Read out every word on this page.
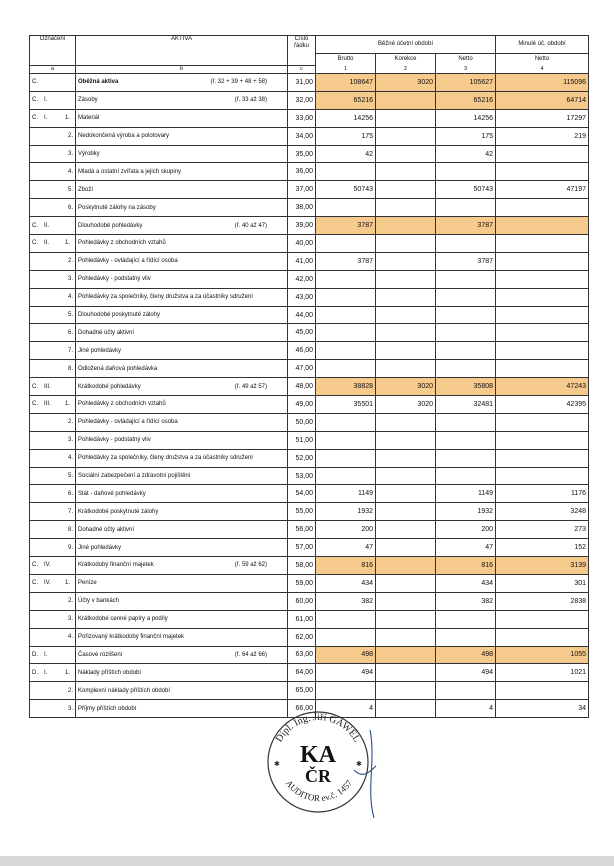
Označení	AKTIVA	Číslo řádku	Běžné účetní období			Minulé úč. období
			Brutto	Korekce	Netto	Netto
a	b	c	1	2	3	4
C.	Oběžná aktiva (ř. 32 + 39 + 48 + 58)	31,00	108647	3020	105627	115096
C. I.	Zásoby (ř. 33 až 38)	32,00	65216		65216	64714
C. I. 1.	Materiál	33,00	14256		14256	17297
2.	Nedokončená výroba a polotovary	34,00	175		175	219
3.	Výrobky	35,00	42		42	
4.	Mladá a ostatní zvířata a jejich skupiny	36,00				
5.	Zboží	37,00	50743		50743	47197
6.	Poskytnuté zálohy na zásoby	38,00				
C. II.	Dlouhodobé pohledávky (ř. 40 až 47)	39,00	3787		3787	
C. II. 1.	Pohledávky z obchodních vztahů	40,00				
2.	Pohledávky - ovládající a řídící osoba	41,00	3787		3787	
3.	Pohledávky - podstatný vliv	42,00				
4.	Pohledávky za společníky, členy družstva a za účastníky sdružení	43,00				
5.	Dlouhodobé poskytnuté zálohy	44,00				
6.	Dohadné účty aktivní	45,00				
7.	Jiné pohledávky	46,00				
8.	Odložená daňová pohledávka	47,00				
C. III.	Krátkodobé pohledávky (ř. 49 až 57)	48,00	38828	3020	35808	47243
C. III. 1.	Pohledávky z obchodních vztahů	49,00	35501	3020	32481	42395
2.	Pohledávky - ovládající a řídící osoba	50,00				
3.	Pohledávky - podstatný vliv	51,00				
4.	Pohledávky za společníky, členy družstva a za účastníky sdružení	52,00				
5.	Sociální zabezpečení a zdravotní pojištění	53,00				
6.	Stát - daňové pohledávky	54,00	1149		1149	1176
7.	Krátkodobé poskytnuté zálohy	55,00	1932		1932	3248
8.	Dohadné účty aktivní	56,00	200		200	273
9.	Jiné pohledávky	57,00	47		47	152
C. IV.	Krátkodobý finanční majetek (ř. 59 až 62)	58,00	816		816	3139
C. IV. 1.	Peníze	59,00	434		434	301
2.	Účty v bankách	60,00	382		382	2838
3.	Krátkodobé cenné papíry a podíly	61,00				
4.	Pořizovaný krátkodobý finanční majetek	62,00				
D. I.	Časové rozlišení (ř. 64 až 66)	63,00	498		498	1055
D. I. 1.	Náklady příštích období	64,00	494		494	1021
2.	Komplexní náklady příštích období	65,00				
3.	Příjmy příštích období	66,00	4		4	34
Dipl. Ing. Jiří GAWEL
AUDITOR ev.č. 1457
KA
ČR
✱	✱
